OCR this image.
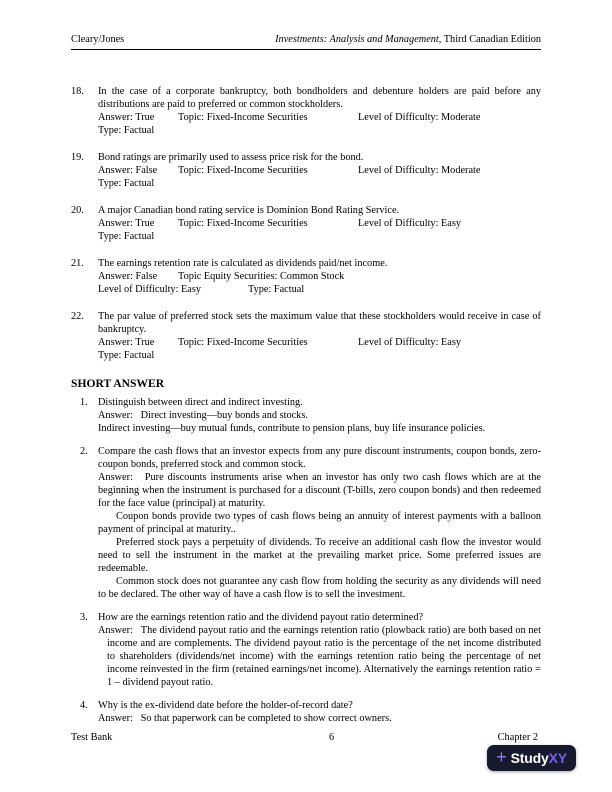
Cleary/Jones	Investments: Analysis and Management, Third Canadian Edition
18.	In the case of a corporate bankruptcy, both bondholders and debenture holders are paid before any distributions are paid to preferred or common stockholders.
Answer: True	Topic: Fixed-Income Securities	Level of Difficulty: Moderate
Type: Factual
19.	Bond ratings are primarily used to assess price risk for the bond.
Answer: False	Topic: Fixed-Income Securities	Level of Difficulty: Moderate
Type: Factual
20.	A major Canadian bond rating service is Dominion Bond Rating Service.
Answer: True	Topic: Fixed-Income Securities	Level of Difficulty: Easy
Type: Factual
21.	The earnings retention rate is calculated as dividends paid/net income.
Answer: False	Topic Equity Securities: Common Stock
Level of Difficulty: Easy	Type: Factual
22.	The par value of preferred stock sets the maximum value that these stockholders would receive in case of bankruptcy.
Answer: True	Topic: Fixed-Income Securities	Level of Difficulty: Easy
Type: Factual
SHORT ANSWER
1. Distinguish between direct and indirect investing.
Answer:   Direct investing—buy bonds and stocks.
Indirect investing—buy mutual funds, contribute to pension plans, buy life insurance policies.
2. Compare the cash flows that an investor expects from any pure discount instruments, coupon bonds, zero-coupon bonds, preferred stock and common stock.
Answer:   Pure discounts instruments arise when an investor has only two cash flows which are at the beginning when the instrument is purchased for a discount (T-bills, zero coupon bonds) and then redeemed for the face value (principal) at maturity.
Coupon bonds provide two types of cash flows being an annuity of interest payments with a balloon payment of principal at maturity..
Preferred stock pays a perpetuity of dividends. To receive an additional cash flow the investor would need to sell the instrument in the market at the prevailing market price. Some preferred issues are redeemable.
Common stock does not guarantee any cash flow from holding the security as any dividends will need to be declared. The other way of have a cash flow is to sell the investment.
3. How are the earnings retention ratio and the dividend payout ratio determined?
Answer:   The dividend payout ratio and the earnings retention ratio (plowback ratio) are both based on net income and are complements. The dividend payout ratio is the percentage of the net income distributed to shareholders (dividends/net income) with the earnings retention ratio being the percentage of net income reinvested in the firm (retained earnings/net income). Alternatively the earnings retention ratio = 1 – dividend payout ratio.
4. Why is the ex-dividend date before the holder-of-record date?
Answer:   So that paperwork can be completed to show correct owners.
Test Bank	6	Chapter 2
+ Study XY
